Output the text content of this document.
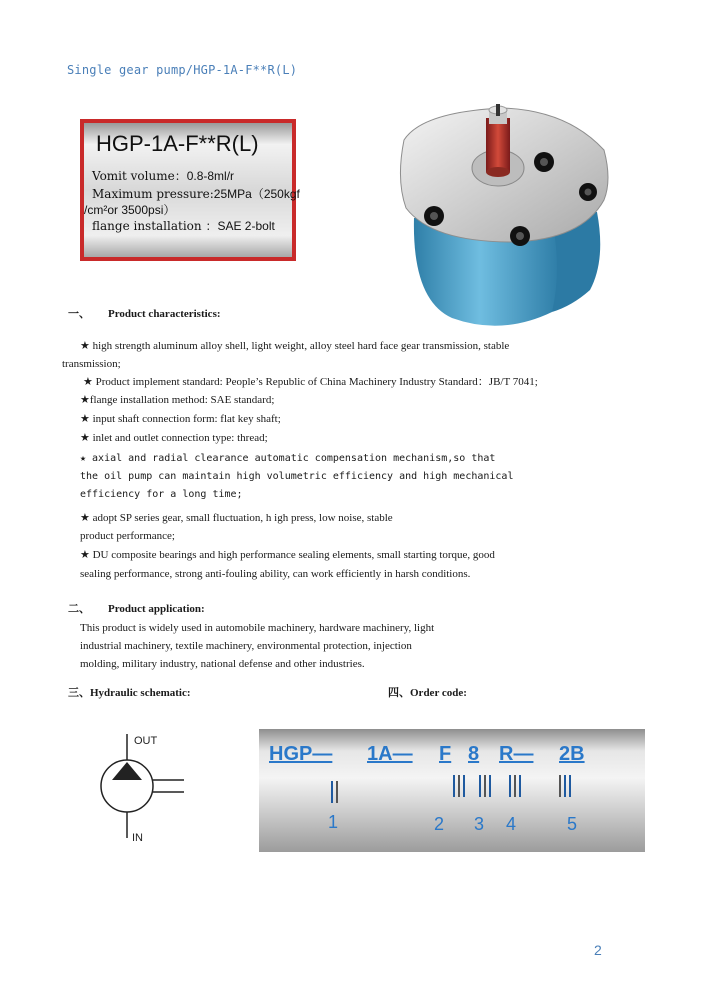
Single gear pump/HGP-1A-F**R(L)
HGP-1A-F**R(L)
Vomit volume：0.8-8ml/r
Maximum pressure:25MPa（250kgf
/cm²or 3500psi）
flange installation ：SAE 2-bolt
一、 Product characteristics:
★ high strength aluminum alloy shell, light weight, alloy steel hard face gear transmission, stable
transmission;
★ Product implement standard: People’s Republic of China Machinery Industry Standard：JB/T 7041;
★flange installation method: SAE standard;
★ input shaft connection form: flat key shaft;
★ inlet and outlet connection type: thread;
★ axial and radial clearance automatic compensation mechanism,so that
the oil pump can maintain high volumetric efficiency and high mechanical
efficiency for a long time;
★ adopt SP series gear, small fluctuation, h igh press, low noise, stable
product performance;
★ DU composite bearings and high performance sealing elements, small starting torque, good
sealing performance, strong anti-fouling ability, can work efficiently in harsh conditions.
二、 Product application:
This product is widely used in automobile machinery, hardware machinery, light
industrial machinery, textile machinery, environmental protection, injection
molding, military industry, national defense and other industries.
三、Hydraulic schematic:	四、Order code:
OUT
IN
HGP— 1A— F 8 R— 2B
1	2 3 4	5
2
